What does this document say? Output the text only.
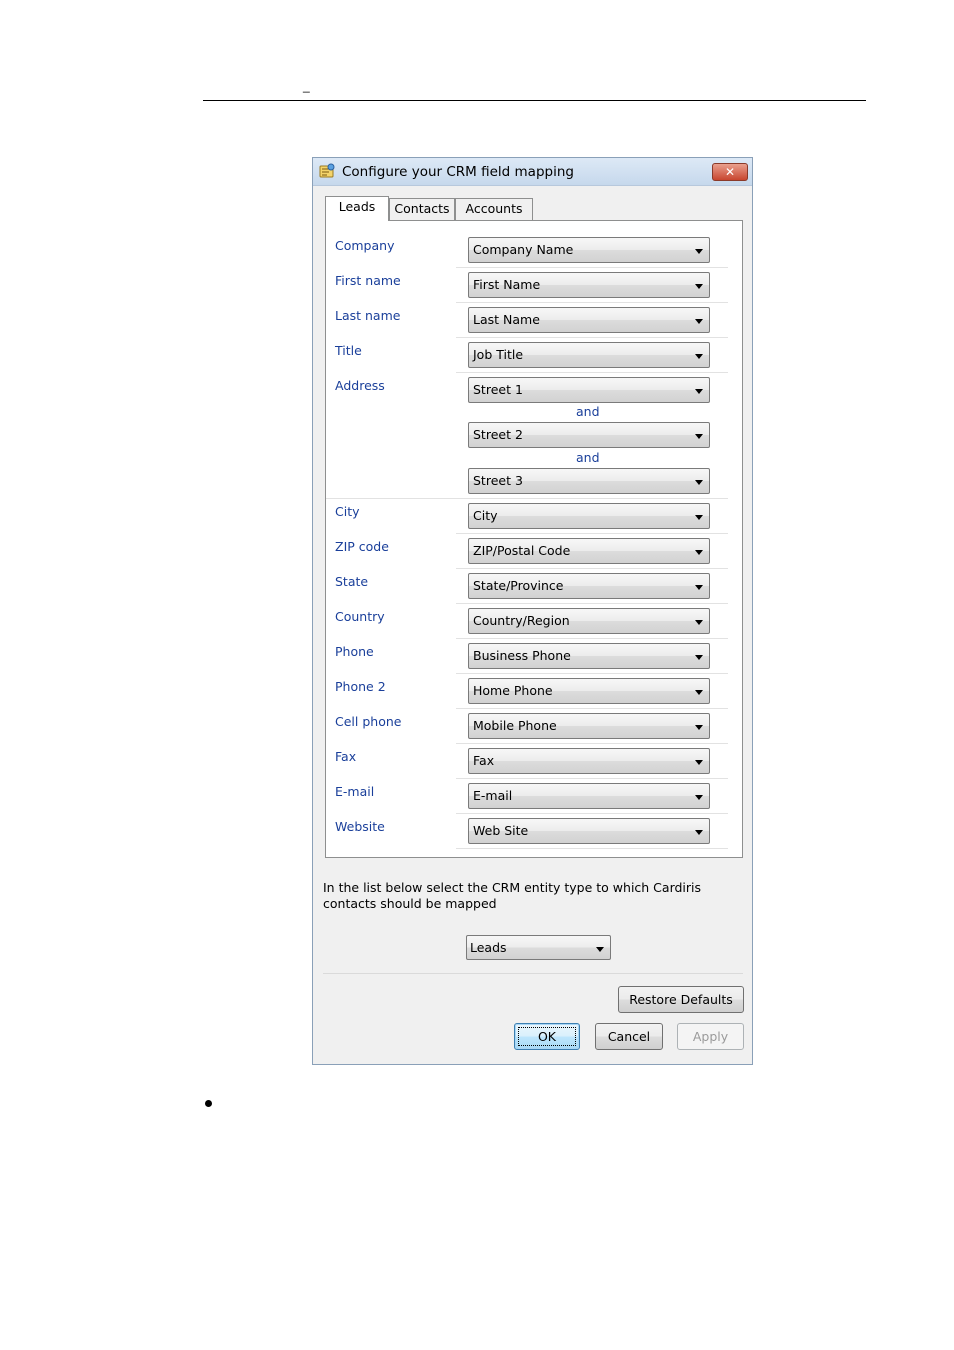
_
Configure your CRM field mapping	✕
Leads	Contacts	Accounts
Company	Company Name
First name	First Name
Last name	Last Name
Title	Job Title
Address	Street 1
and
Street 2
and
Street 3
City	City
ZIP code	ZIP/Postal Code
State	State/Province
Country	Country/Region
Phone	Business Phone
Phone 2	Home Phone
Cell phone	Mobile Phone
Fax	Fax
E-mail	E-mail
Website	Web Site
In the list below select the CRM entity type to which Cardiris contacts should be mapped
Leads
Restore Defaults
OK	Cancel	Apply
